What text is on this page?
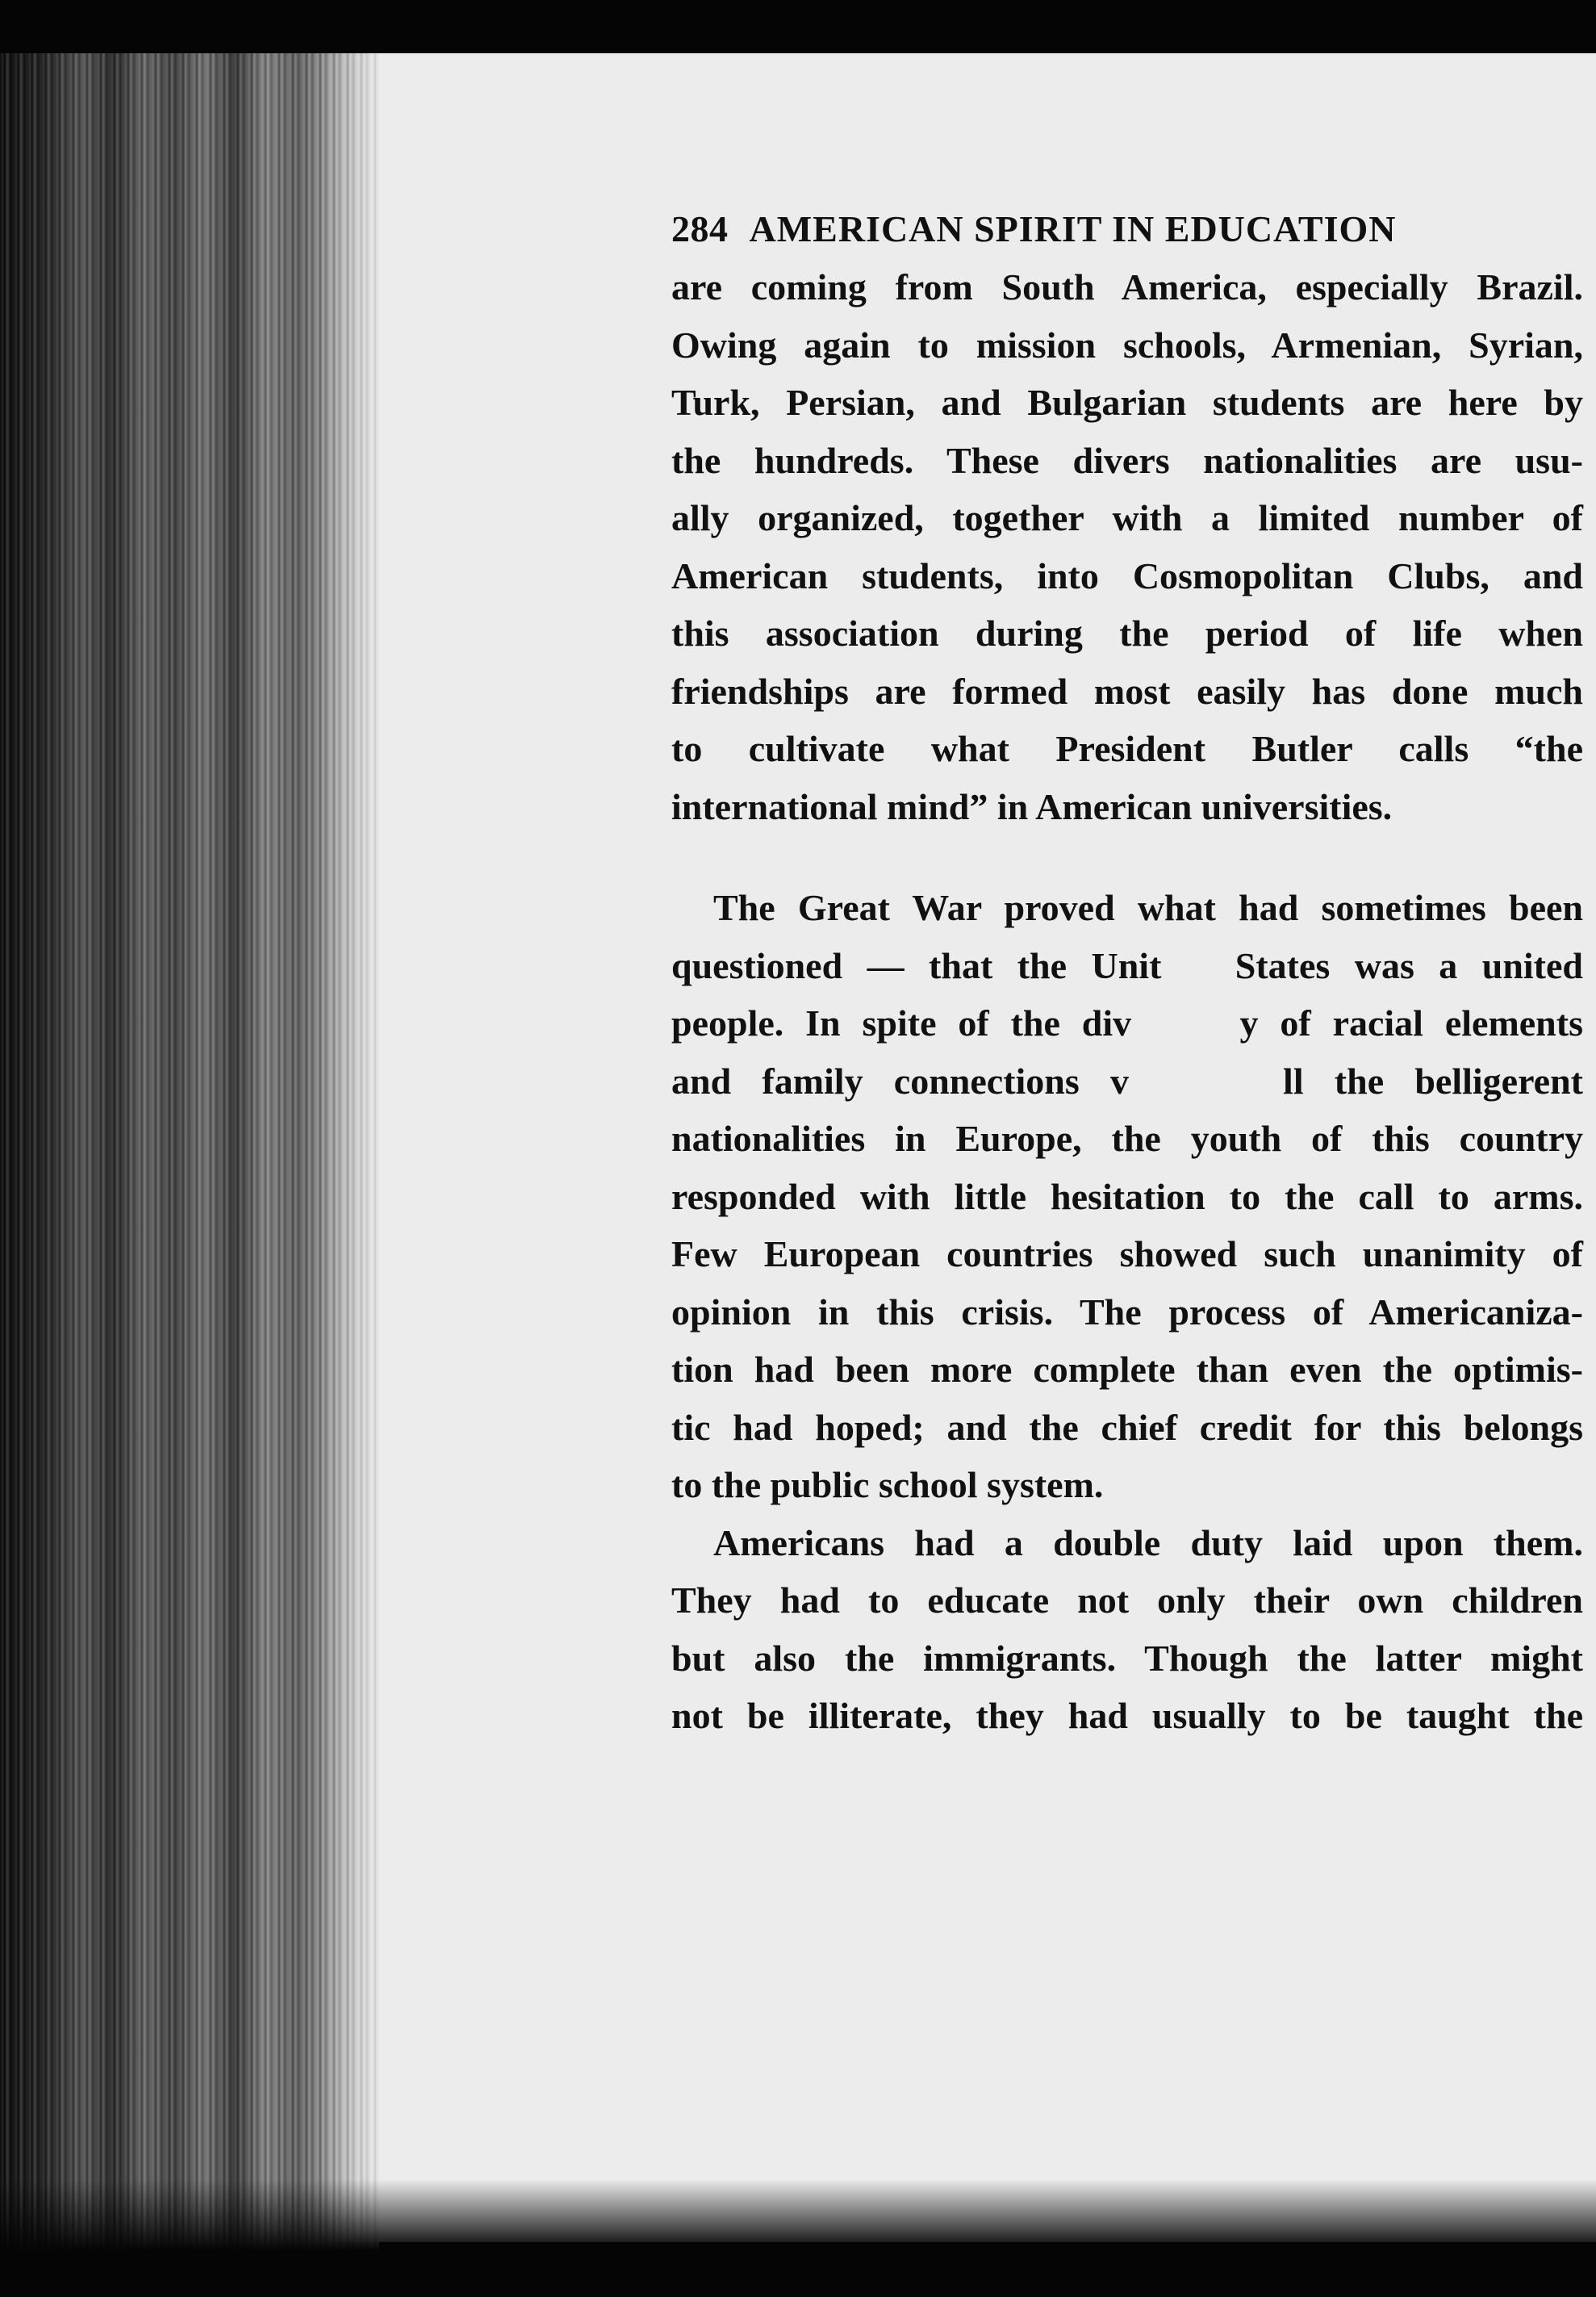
284 AMERICAN SPIRIT IN EDUCATION
are coming from South America, especially Brazil.
Owing again to mission schools, Armenian, Syrian,
Turk, Persian, and Bulgarian students are here by
the hundreds. These divers nationalities are usu-
ally organized, together with a limited number of
American students, into Cosmopolitan Clubs, and
this association during the period of life when
friendships are formed most easily has done much
to cultivate what President Butler calls “the
international mind” in American universities.
The Great War proved what had sometimes been
questioned — that the Unit   States was a united
people. In spite of the div     y of racial elements
and family connections v     ll the belligerent
nationalities in Europe, the youth of this country
responded with little hesitation to the call to arms.
Few European countries showed such unanimity of
opinion in this crisis. The process of Americaniza-
tion had been more complete than even the optimis-
tic had hoped; and the chief credit for this belongs
to the public school system.
Americans had a double duty laid upon them.
They had to educate not only their own children
but also the immigrants. Though the latter might
not be illiterate, they had usually to be taught the
